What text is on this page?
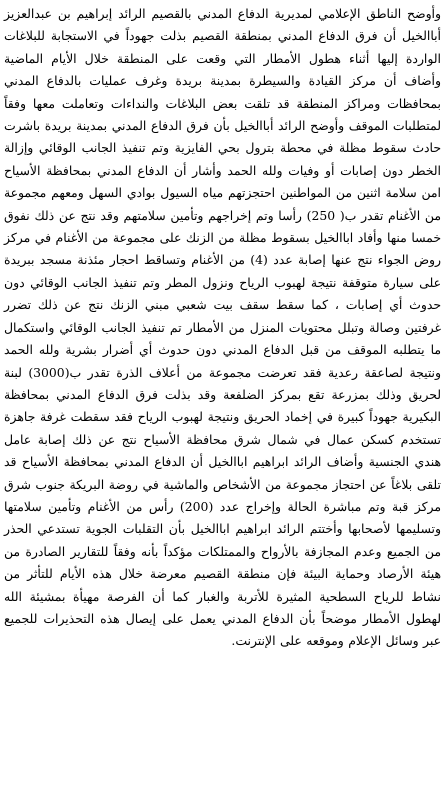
وأوضح الناطق الإعلامي لمديرية الدفاع المدني بالقصيم الرائد إبراهيم بن عبدالعزيز أباالخيل أن فرق الدفاع المدني بمنطقة القصيم بذلت جهوداً في الاستجابة للبلاغات الواردة إليها أثناء هطول الأمطار التي وقعت على المنطقة خلال الأيام الماضية وأضاف أن مركز القيادة والسيطرة بمدينة بريدة وغرف عمليات بالدفاع المدني بمحافظات ومراكز المنطقة قد تلقت بعض البلاغات والنداءات وتعاملت معها وفقاً لمتطلبات الموقف وأوضح الرائد أباالخيل بأن فرق الدفاع المدني بمدينة بريدة باشرت حادث سقوط مظلة في محطة بترول بحي الفايزية وتم تنفيذ الجانب الوقائي وإزالة الخطر دون إصابات أو وفيات ولله الحمد وأشار أن الدفاع المدني بمحافظة الأسياح امن سلامة اثنين من المواطنين احتجزتهم مياه السيول بوادي السهل ومعهم مجموعة من الأغنام تقدر ب( 250) رأسا وتم إخراجهم وتأمين سلامتهم وقد نتج عن ذلك نفوق خمسا منها وأفاد اباالخيل بسقوط مظلة من الزنك على مجموعة من الأغنام في مركز روض الجواء نتج عنها إصابة عدد (4) من الأغنام وتساقط احجار مئذنة مسجد ببريدة على سيارة متوقفة نتيجة لهبوب الرياح ونزول المطر وتم تنفيذ الجانب الوقائي دون حدوث أي إصابات ، كما سقط سقف بيت شعبي مبني الزنك نتج عن ذلك تضرر غرفتين وصالة وتبلل محتويات المنزل من الأمطار تم تنفيذ الجانب الوقائي واستكمال ما يتطلبه الموقف من قبل الدفاع المدني دون حدوث أي أضرار بشرية ولله الحمد ونتيجة لصاعقة رعدية فقد تعرضت مجموعة من أعلاف الذرة تقدر ب(3000) لبنة لحريق وذلك بمزرعة تقع بمركز الضلفعة وقد بذلت فرق الدفاع المدني بمحافظة البكيرية جهوداً كبيرة في إخماد الحريق ونتيجة لهبوب الرياح فقد سقطت غرفة جاهزة تستخدم كسكن عمال في شمال شرق محافظة الأسياح نتج عن ذلك إصابة عامل هندي الجنسية وأضاف الرائد ابراهيم اباالخيل أن الدفاع المدني بمحافظة الأسياح قد تلقى بلاغاً عن احتجاز مجموعة من الأشخاص والماشية في روضة البريكة جنوب شرق مركز قبة وتم مباشرة الحالة وإخراج عدد (200) رأس من الأغنام وتأمين سلامتها وتسليمها لأصحابها وأختتم الرائد ابراهيم اباالخيل بأن التقلبات الجوية تستدعي الحذر من الجميع وعدم المجازفة بالأرواح والممتلكات مؤكداً بأنه وفقاً للتقارير الصادرة من هيئة الأرصاد وحماية البيئة فإن منطقة القصيم معرضة خلال هذه الأيام للتأثر من نشاط للرياح السطحية المثيرة للأتربة والغبار كما أن الفرصة مهيأة بمشيئة الله لهطول الأمطار موضحاً بأن الدفاع المدني يعمل على إيصال هذه التحذيرات للجميع عبر وسائل الإعلام وموقعه على الإنترنت.
